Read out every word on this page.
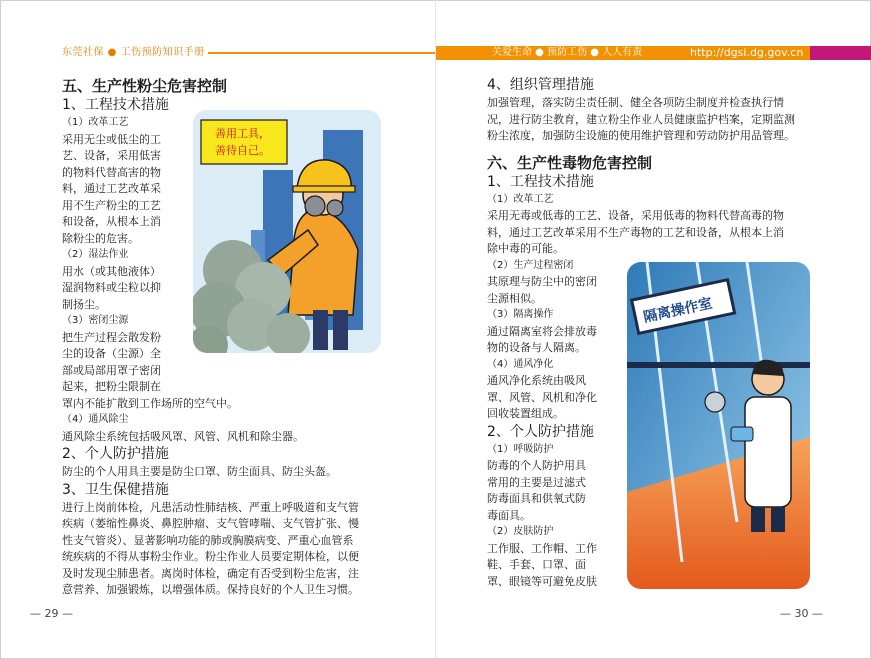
东莞社保 ● 工伤预防知识手册	关爱生命 ● 预防工伤 ● 人人有责	http://dgsi.dg.gov.cn
五、生产性粉尘危害控制
1、工程技术措施
（1）改革工艺
采用无尘或低尘的工
艺、设备，采用低害
的物料代替高害的物
料，通过工艺改革采
用不生产粉尘的工艺
和设备，从根本上消
除粉尘的危害。
（2）湿法作业
用水（或其他液体）
湿润物料或尘粒以抑
制扬尘。
（3）密闭尘源
把生产过程会散发粉
尘的设备（尘源）全
部或局部用罩子密闭
起来，把粉尘限制在
罩内不能扩散到工作场所的空气中。
（4）通风除尘
通风除尘系统包括吸风罩、风管、风机和除尘器。
2、个人防护措施
防尘的个人用具主要是防尘口罩、防尘面具、防尘头盔。
3、卫生保健措施
进行上岗前体检，凡患活动性肺结核、严重上呼吸道和支气管
疾病（萎缩性鼻炎、鼻腔肿瘤、支气管哮喘、支气管扩张、慢
性支气管炎）、显著影响功能的肺或胸膜病变、严重心血管系
统疾病的不得从事粉尘作业。粉尘作业人员要定期体检，以便
及时发现尘肺患者。离岗时体检，确定有否受到粉尘危害，注
意营养、加强锻炼，以增强体质。保持良好的个人卫生习惯。
善用工具，
善待自己。
— 29 —
4、组织管理措施
加强管理，落实防尘责任制、健全各项防尘制度并检查执行情
况，进行防尘教育，建立粉尘作业人员健康监护档案，定期监测
粉尘浓度，加强防尘设施的使用维护管理和劳动防护用品管理。
六、生产性毒物危害控制
1、工程技术措施
（1）改革工艺
采用无毒或低毒的工艺、设备，采用低毒的物料代替高毒的物
料，通过工艺改革采用不生产毒物的工艺和设备，从根本上消
除中毒的可能。
（2）生产过程密闭
其原理与防尘中的密闭
尘源相似。
（3）隔离操作
通过隔离室将会排放毒
物的设备与人隔离。
（4）通风净化
通风净化系统由吸风
罩、风管、风机和净化
回收装置组成。
2、个人防护措施
（1）呼吸防护
防毒的个人防护用具
常用的主要是过滤式
防毒面具和供氧式防
毒面具。
（2）皮肤防护
工作服、工作帽、工作
鞋、手套、口罩、面
罩、眼镜等可避免皮肤
隔离操作室
— 30 —
